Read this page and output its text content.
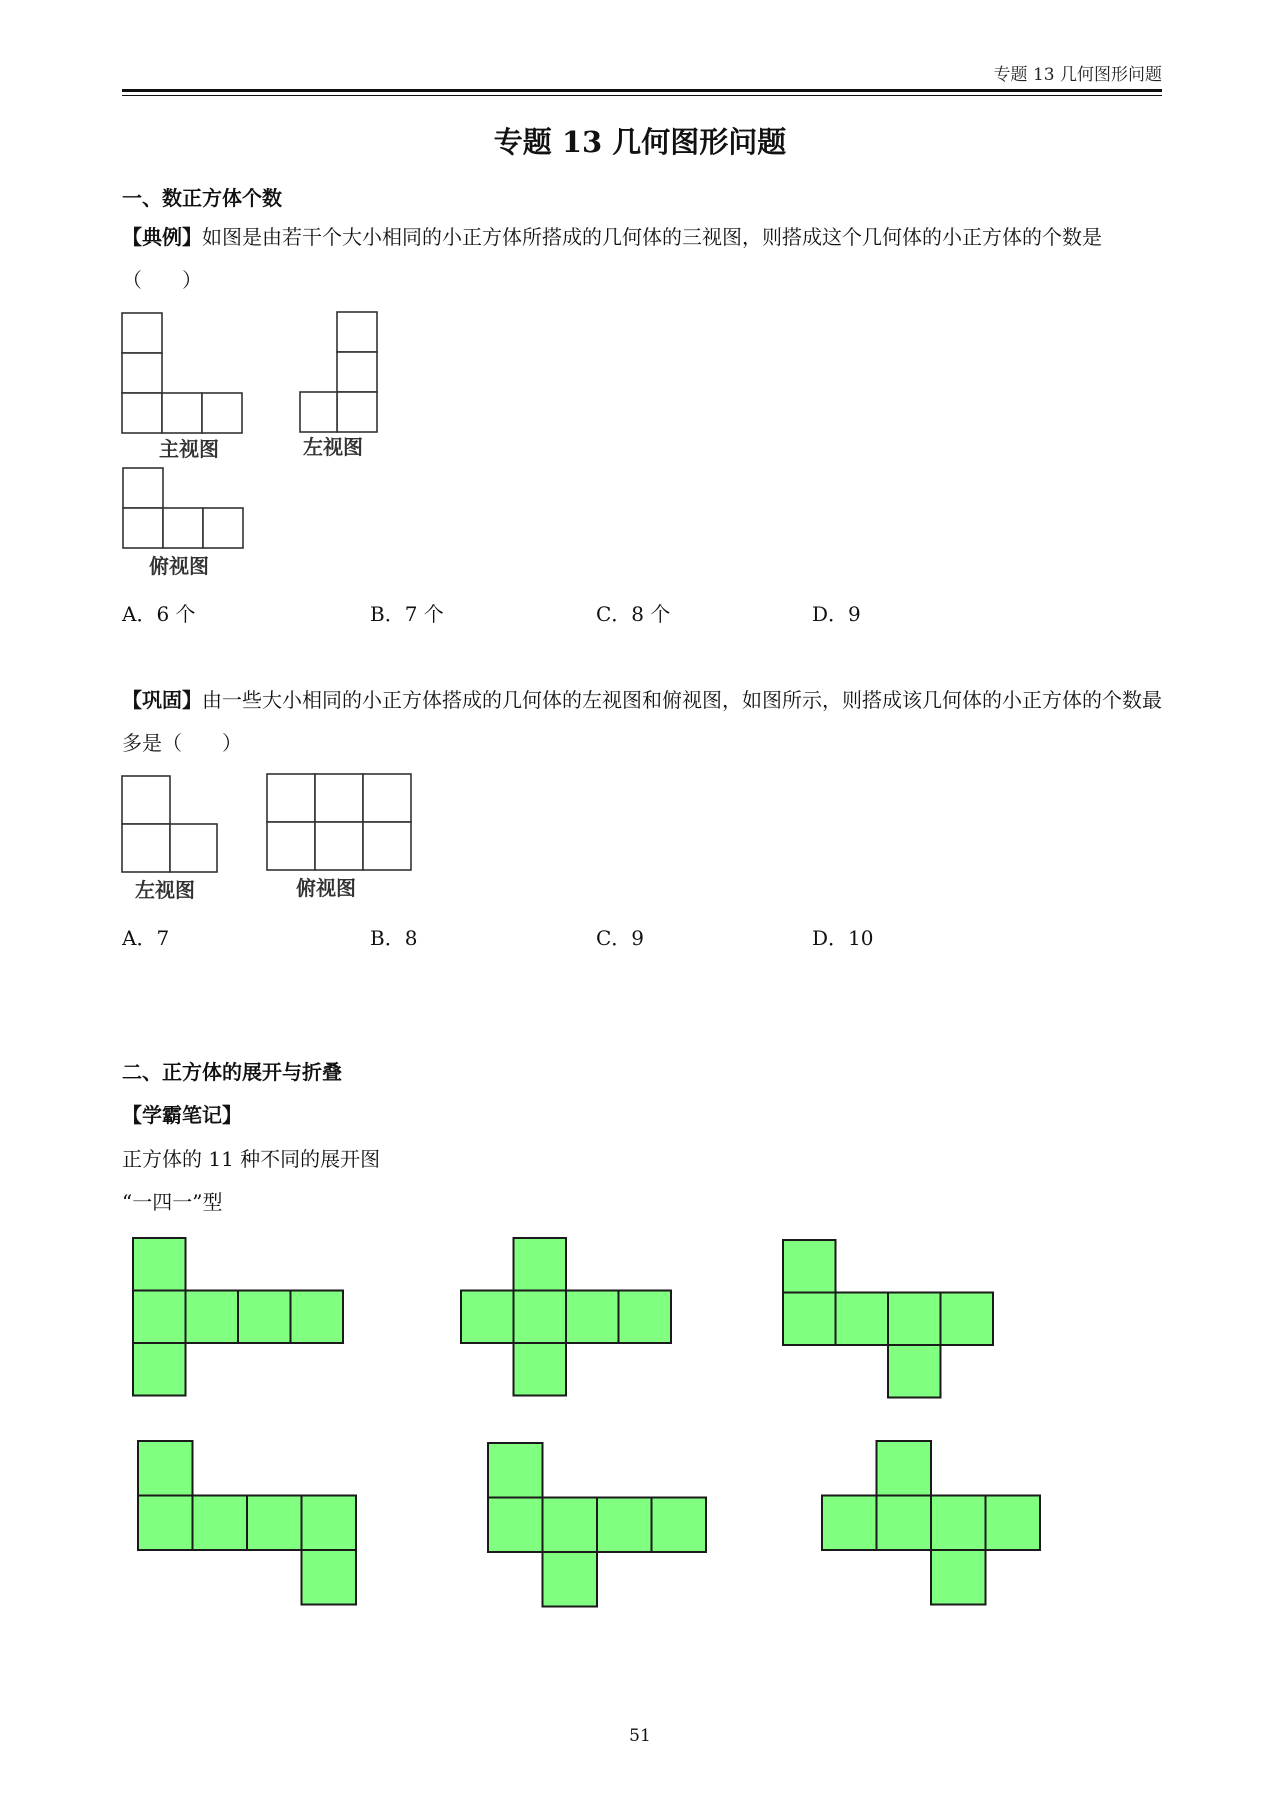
专题 13 几何图形问题
专题 13 几何图形问题
一、数正方体个数
【典例】如图是由若干个大小相同的小正方体所搭成的几何体的三视图，则搭成这个几何体的小正方体的个数是（　　）
主视图	左视图
俯视图
A．6 个	B．7 个	C．8 个	D．9
【巩固】由一些大小相同的小正方体搭成的几何体的左视图和俯视图，如图所示，则搭成该几何体的小正方体的个数最多是（　　）
左视图	俯视图
A．7	B．8	C．9	D．10
二、正方体的展开与折叠
【学霸笔记】
正方体的 11 种不同的展开图
“一四一”型
51
